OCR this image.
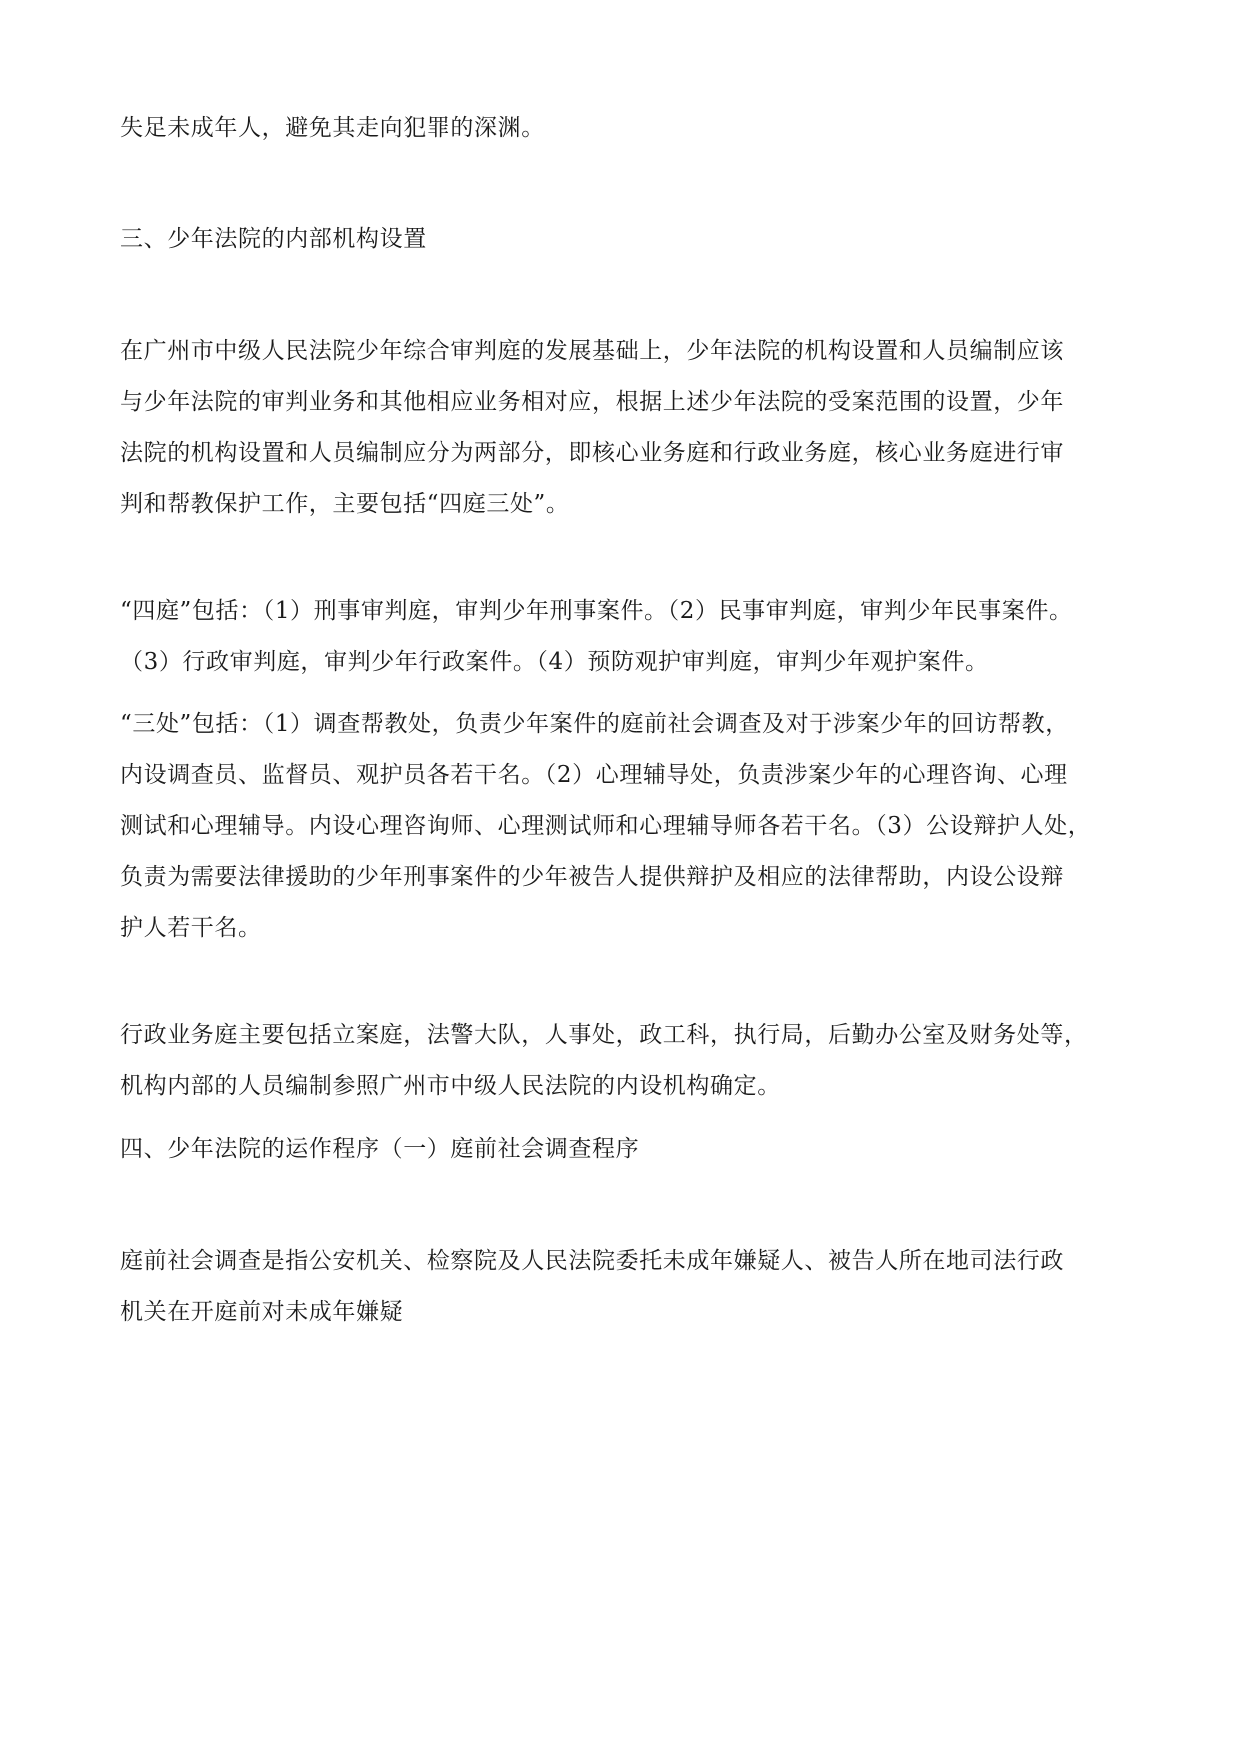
失足未成年人，避免其走向犯罪的深渊。
三、少年法院的内部机构设置
在广州市中级人民法院少年综合审判庭的发展基础上，少年法院的机构设置和人员编制应该
与少年法院的审判业务和其他相应业务相对应，根据上述少年法院的受案范围的设置，少年
法院的机构设置和人员编制应分为两部分，即核心业务庭和行政业务庭，核心业务庭进行审
判和帮教保护工作，主要包括“四庭三处”。
“四庭”包括：（1）刑事审判庭，审判少年刑事案件。（2）民事审判庭，审判少年民事案件。
（3）行政审判庭，审判少年行政案件。（4）预防观护审判庭，审判少年观护案件。
“三处”包括：（1）调查帮教处，负责少年案件的庭前社会调查及对于涉案少年的回访帮教，
内设调查员、监督员、观护员各若干名。（2）心理辅导处，负责涉案少年的心理咨询、心理
测试和心理辅导。内设心理咨询师、心理测试师和心理辅导师各若干名。（3）公设辩护人处，
负责为需要法律援助的少年刑事案件的少年被告人提供辩护及相应的法律帮助，内设公设辩
护人若干名。
行政业务庭主要包括立案庭，法警大队，人事处，政工科，执行局，后勤办公室及财务处等，
机构内部的人员编制参照广州市中级人民法院的内设机构确定。
四、少年法院的运作程序（一）庭前社会调查程序
庭前社会调查是指公安机关、检察院及人民法院委托未成年嫌疑人、被告人所在地司法行政
机关在开庭前对未成年嫌疑
